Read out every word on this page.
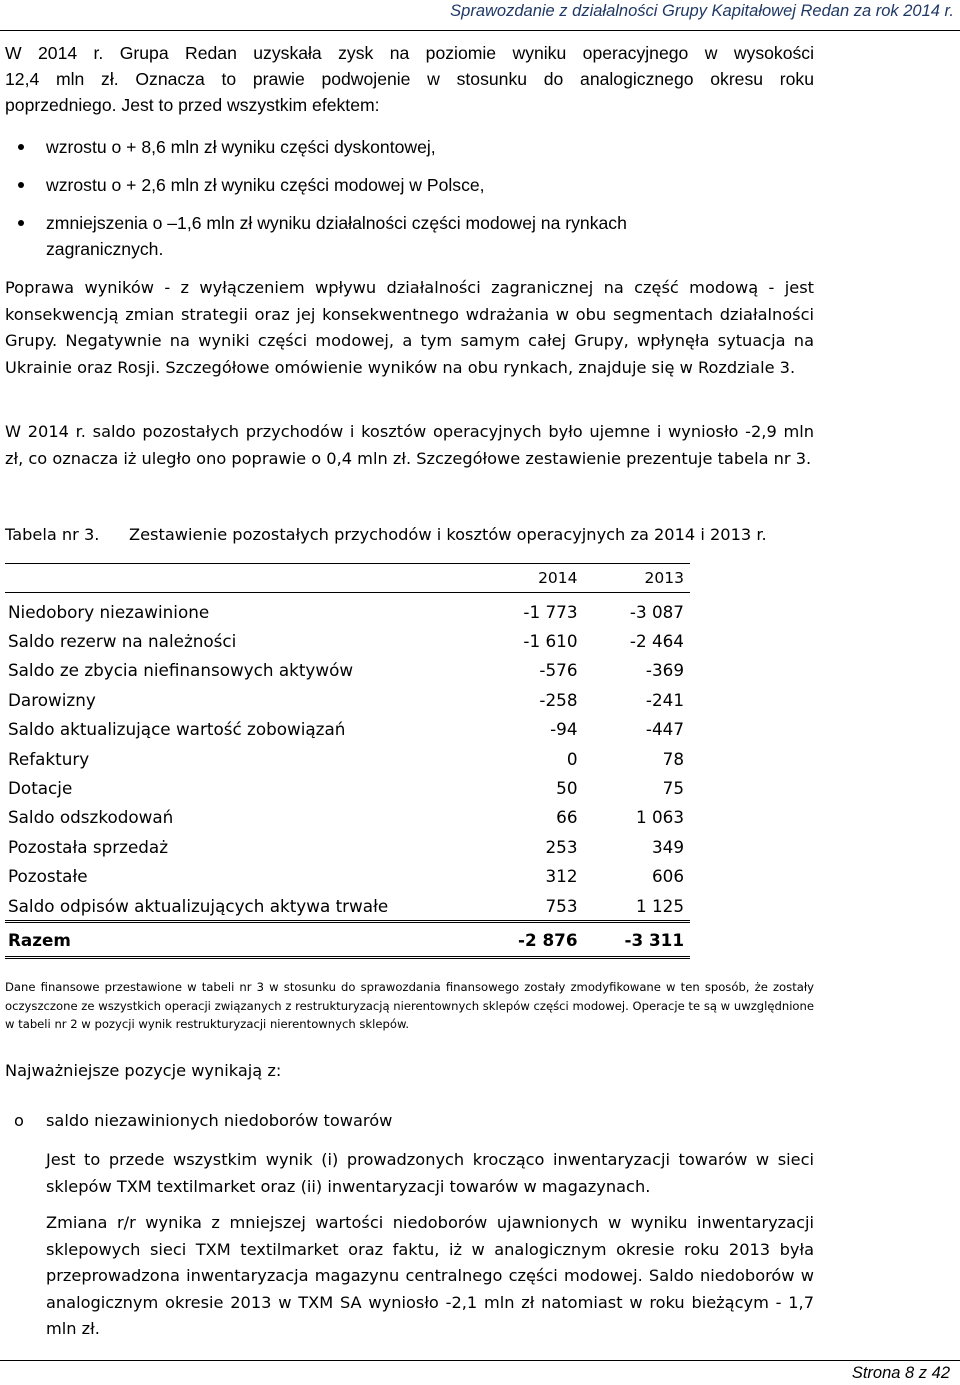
Sprawozdanie z działalności Grupy Kapitałowej Redan za rok 2014 r.
W 2014 r. Grupa Redan uzyskała zysk na poziomie wyniku operacyjnego w wysokości
12,4 mln zł. Oznacza to prawie podwojenie w stosunku do analogicznego okresu roku
poprzedniego. Jest to przed wszystkim efektem:
wzrostu o + 8,6 mln zł wyniku części dyskontowej,
wzrostu o + 2,6 mln zł wyniku części modowej w Polsce,
zmniejszenia o –1,6 mln zł wyniku działalności części modowej na rynkach zagranicznych.

Poprawa wyników - z wyłączeniem wpływu działalności zagranicznej na część modową - jest konsekwencją zmian strategii oraz jej konsekwentnego wdrażania w obu segmentach działalności Grupy. Negatywnie na wyniki części modowej, a tym samym całej Grupy, wpłynęła sytuacja na Ukrainie oraz Rosji. Szczegółowe omówienie wyników na obu rynkach, znajduje się w Rozdziale 3.

W 2014 r. saldo pozostałych przychodów i kosztów operacyjnych było ujemne i wyniosło -2,9 mln zł, co oznacza iż uległo ono poprawie o 0,4 mln zł. Szczegółowe zestawienie prezentuje tabela nr 3.

Tabela nr 3. Zestawienie pozostałych przychodów i kosztów operacyjnych za 2014 i 2013 r.
	2014	2013
Niedobory niezawinione	-1 773	-3 087
Saldo rezerw na należności	-1 610	-2 464
Saldo ze zbycia niefinansowych aktywów	-576	-369
Darowizny	-258	-241
Saldo aktualizujące wartość zobowiązań	-94	-447
Refaktury	0	78
Dotacje	50	75
Saldo odszkodowań	66	1 063
Pozostała sprzedaż	253	349
Pozostałe	312	606
Saldo odpisów aktualizujących aktywa trwałe	753	1 125
Razem	-2 876	-3 311

Dane finansowe przestawione w tabeli nr 3 w stosunku do sprawozdania finansowego zostały zmodyfikowane w ten sposób, że zostały oczyszczone ze wszystkich operacji związanych z restrukturyzacją nierentownych sklepów części modowej. Operacje te są w uwzględnione w tabeli nr 2 w pozycji wynik restrukturyzacji nierentownych sklepów.

Najważniejsze pozycje wynikają z:
o saldo niezawinionych niedoborów towarów

Jest to przede wszystkim wynik (i) prowadzonych krocząco inwentaryzacji towarów w sieci sklepów TXM textilmarket oraz (ii) inwentaryzacji towarów w magazynach.

Zmiana r/r wynika z mniejszej wartości niedoborów ujawnionych w wyniku inwentaryzacji sklepowych sieci TXM textilmarket oraz faktu, iż w analogicznym okresie roku 2013 była przeprowadzona inwentaryzacja magazynu centralnego części modowej. Saldo niedoborów w analogicznym okresie 2013 w TXM SA wyniosło -2,1 mln zł natomiast w roku bieżącym - 1,7 mln zł.

Strona 8 z 42
